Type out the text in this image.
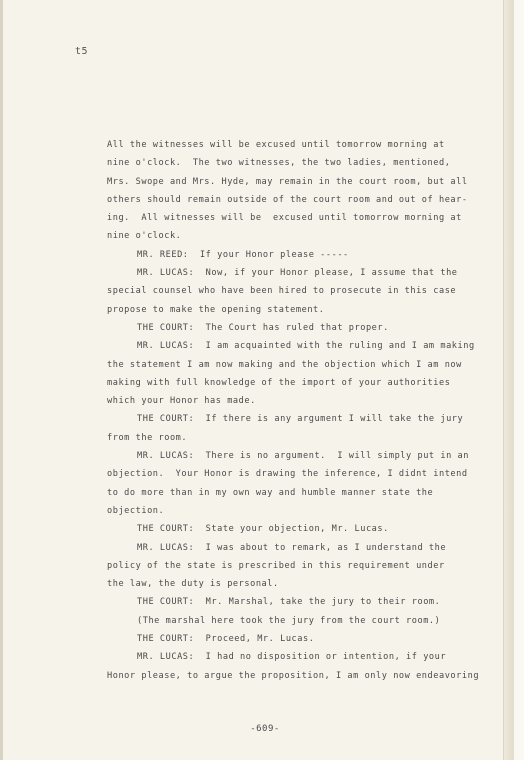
t5
All the witnesses will be excused until tomorrow morning at
nine o'clock.  The two witnesses, the two ladies, mentioned,
Mrs. Swope and Mrs. Hyde, may remain in the court room, but all
others should remain outside of the court room and out of hear-
ing.  All witnesses will be  excused until tomorrow morning at
nine o'clock.
MR. REED:  If your Honor please -----
MR. LUCAS:  Now, if your Honor please, I assume that the
special counsel who have been hired to prosecute in this case
propose to make the opening statement.
THE COURT:  The Court has ruled that proper.
MR. LUCAS:  I am acquainted with the ruling and I am making
the statement I am now making and the objection which I am now
making with full knowledge of the import of your authorities
which your Honor has made.
THE COURT:  If there is any argument I will take the jury
from the room.
MR. LUCAS:  There is no argument.  I will simply put in an
objection.  Your Honor is drawing the inference, I didnt intend
to do more than in my own way and humble manner state the
objection.
THE COURT:  State your objection, Mr. Lucas.
MR. LUCAS:  I was about to remark, as I understand the
policy of the state is prescribed in this requirement under
the law, the duty is personal.
THE COURT:  Mr. Marshal, take the jury to their room.
(The marshal here took the jury from the court room.)
THE COURT:  Proceed, Mr. Lucas.
MR. LUCAS:  I had no disposition or intention, if your
Honor please, to argue the proposition, I am only now endeavoring
-609-
